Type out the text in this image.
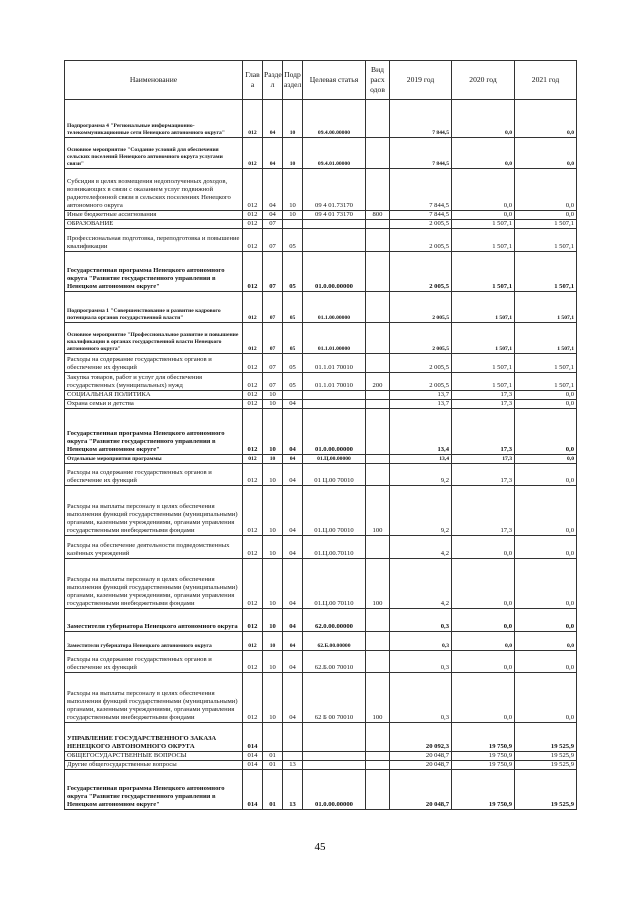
Наименование	Глав а	Разде л	Подр аздел	Целевая статья	Вид расх одов	2019 год	2020 год	2021 год
Подпрограмма 4 "Региональные информационно-телекоммуникационные сети Ненецкого автономного округа"	012	04	10	09.4.00.00000		7 844,5	0,0	0,0
Основное мероприятие "Создание условий для обеспечения сельских поселений Ненецкого автономного округа услугами связи"	012	04	10	09.4.01.00000		7 844,5	0,0	0,0
Субсидия в целях возмещения недополученных доходов, возникающих в связи с оказанием услуг подвижной радиотелефонной связи в сельских поселениях Ненецкого автономного округа	012	04	10	09 4 01.73170		7 844,5	0,0	0,0
Иные бюджетные ассигнования	012	04	10	09 4 01 73170	800	7 844,5	0,0	0,0
ОБРАЗОВАНИЕ	012	07				2 005,5	1 507,1	1 507,1
Профессиональная подготовка, переподготовка и повышение квалификации	012	07	05			2 005,5	1 507,1	1 507,1
Государственная программа Ненецкого автономного округа "Развитие государственного управления в Ненецком автономном округе"	012	07	05	01.0.00.00000		2 005,5	1 507,1	1 507,1
Подпрограмма 1 "Совершенствование и развитие кадрового потенциала органов государственной власти"	012	07	05	01.1.00.00000		2 005,5	1 507,1	1 507,1
Основное мероприятие "Профессиональное развитие и повышение квалификации в органах государственной власти Ненецкого автономного округа"	012	07	05	01.1.01.00000		2 005,5	1 507,1	1 507,1
Расходы на содержание государственных органов и обеспечение их функций	012	07	05	01.1.01 70010		2 005,5	1 507,1	1 507,1
Закупка товаров, работ и услуг для обеспечения государственных (муниципальных) нужд	012	07	05	01.1.01 70010	200	2 005,5	1 507,1	1 507,1
СОЦИАЛЬНАЯ ПОЛИТИКА	012	10				13,7	17,3	0,0
Охрана семьи и детства	012	10	04			13,7	17,3	0,0
Государственная программа Ненецкого автономного округа "Развитие государственного управления в Ненецком автономном округе"	012	10	04	01.0.00.00000		13,4	17,3	0,0
Отдельные мероприятия программы	012	10	04	01.Ц.00.00000		13,4	17,3	0,0
Расходы на содержание государственных органов и обеспечение их функций	012	10	04	01 Ц.00 70010		9,2	17,3	0,0
Расходы на выплаты персоналу в целях обеспечения выполнения функций государственными (муниципальными) органами, казенными учреждениями, органами управления государственными внебюджетными фондами	012	10	04	01.Ц.00 70010	100	9,2	17,3	0,0
Расходы на обеспечение деятельности подведомственных казённых учреждений	012	10	04	01.Ц.00.70110		4,2	0,0	0,0
Расходы на выплаты персоналу в целях обеспечения выполнения функций государственными (муниципальными) органами, казенными учреждениями, органами управления государственными внебюджетными фондами	012	10	04	01.Ц.00 70110	100	4,2	0,0	0,0
Заместители губернатора Ненецкого автономного округа	012	10	04	62.0.00.00000		0,3	0,0	0,0
Заместители губернатора Ненецкого автономного округа	012	10	04	62.Б.00.00000		0,3	0,0	0,0
Расходы на содержание государственных органов и обеспечение их функций	012	10	04	62.Б.00 70010		0,3	0,0	0,0
Расходы на выплаты персоналу в целях обеспечения выполнения функций государственными (муниципальными) органами, казенными учреждениями, органами управления государственными внебюджетными фондами	012	10	04	62 Б 00 70010	100	0,3	0,0	0,0
УПРАВЛЕНИЕ ГОСУДАРСТВЕННОГО ЗАКАЗА НЕНЕЦКОГО АВТОНОМНОГО ОКРУГА	014					20 092,3	19 750,9	19 525,9
ОБЩЕГОСУДАРСТВЕННЫЕ ВОПРОСЫ	014	01				20 048,7	19 750,9	19 525,9
Другие общегосударственные вопросы	014	01	13			20 048,7	19 750,9	19 525,9
Государственная программа Ненецкого автономного округа "Развитие государственного управления в Ненецком автономном округе"	014	01	13	01.0.00.00000		20 048,7	19 750,9	19 525,9
45
